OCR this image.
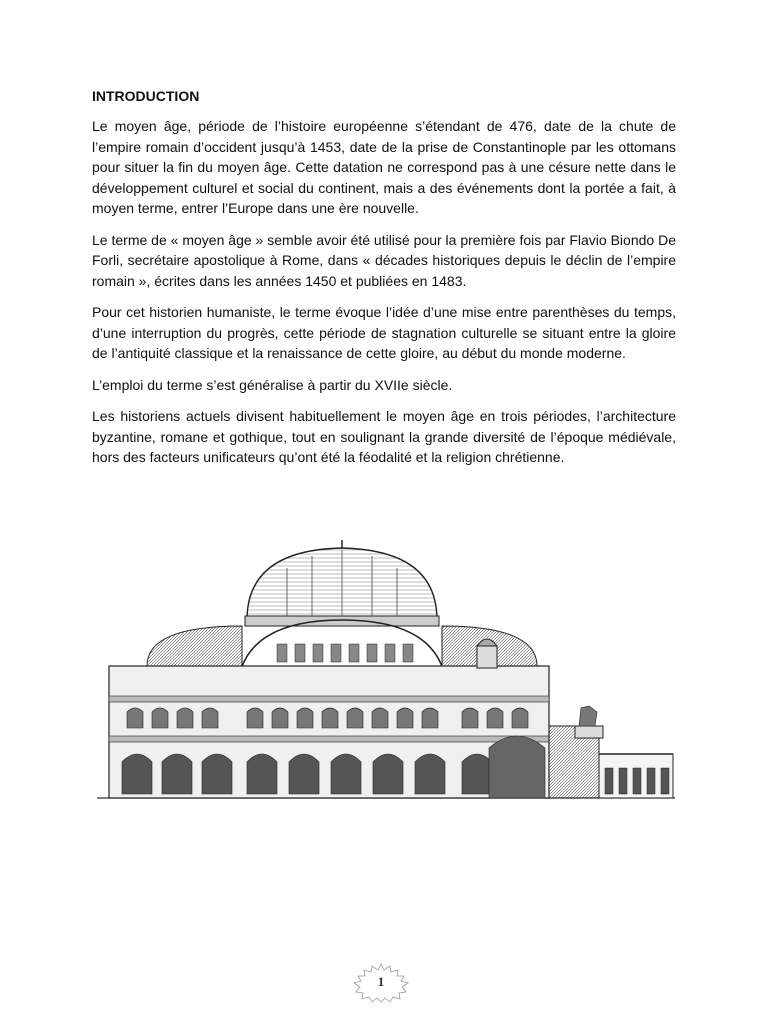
INTRODUCTION

Le moyen âge, période de l’histoire européenne s’étendant de 476, date de la chute de l’empire romain d’occident jusqu’à 1453, date de la prise de Constantinople par les ottomans pour situer la fin du moyen âge. Cette datation ne correspond pas à une césure nette dans le développement culturel et social du continent, mais a des événements dont la portée a fait, à moyen terme, entrer l’Europe dans une ère nouvelle.

Le terme de « moyen âge » semble avoir été utilisé pour la première fois par Flavio Biondo De Forli, secrétaire apostolique à Rome, dans « décades historiques depuis le déclin de l’empire romain », écrites dans les années 1450 et publiées en 1483.

Pour cet historien humaniste, le terme évoque l’idée d’une mise entre parenthèses du temps, d’une interruption du progrès, cette période de stagnation culturelle se situant entre la gloire de l’antiquité classique et la renaissance de cette gloire, au début du monde moderne.

L’emploi du terme s’est généralise à partir du XVIIe siècle.

Les historiens actuels divisent habituellement le moyen âge en trois périodes, l’architecture byzantine, romane et gothique, tout en soulignant la grande diversité de l’époque médiévale, hors des facteurs unificateurs qu’ont été la féodalité et la religion chrétienne.

1
